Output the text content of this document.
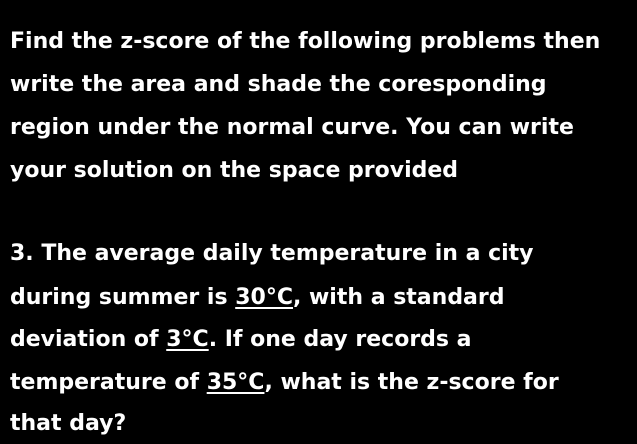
Find the z-score of the following problems then
write the area and shade the coresponding
region under the normal curve. You can write
your solution on the space provided
3. The average daily temperature in a city
during summer is 30°C, with a standard
deviation of 3°C. If one day records a
temperature of 35°C, what is the z-score for
that day?
